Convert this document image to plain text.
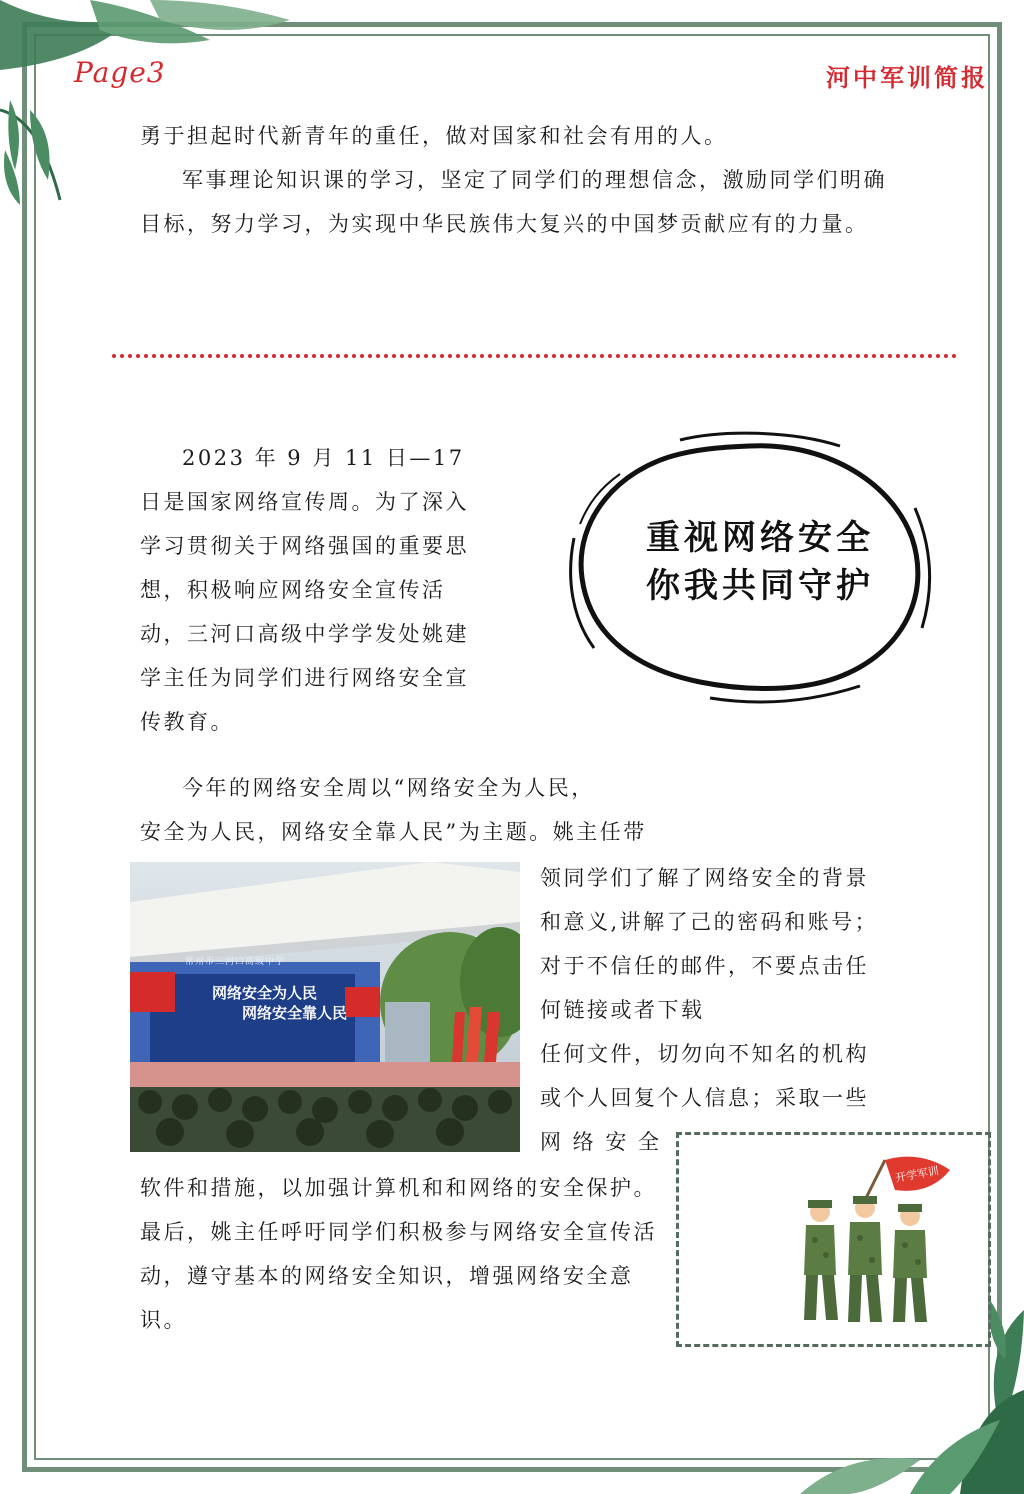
Page3	河中军训简报

勇于担起时代新青年的重任，做对国家和社会有用的人。

军事理论知识课的学习，坚定了同学们的理想信念，激励同学们明确目标，努力学习，为实现中华民族伟大复兴的中国梦贡献应有的力量。

2023 年 9 月 11 日—17 日是国家网络宣传周。为了深入学习贯彻关于网络强国的重要思想，积极响应网络安全宣传活动，三河口高级中学学发处姚建学主任为同学们进行网络安全宣传教育。

重视网络安全
你我共同守护

今年的网络安全周以“网络安全为人民，

安全为人民，网络安全靠人民”为主题。姚主任带

常州市三河口高级中学
网络安全为人民
网络安全靠人民

领同学们了解了网络安全的背景

和意义,讲解了己的密码和账号；

对于不信任的邮件，不要点击任

何链接或者下载

任何文件，切勿向不知名的机构

或个人回复个人信息；采取一些

网 络 安 全

软件和措施，以加强计算机和和网络的安全保护。最后，姚主任呼吁同学们积极参与网络安全宣传活动，遵守基本的网络安全知识，增强网络安全意识。

开学军训
